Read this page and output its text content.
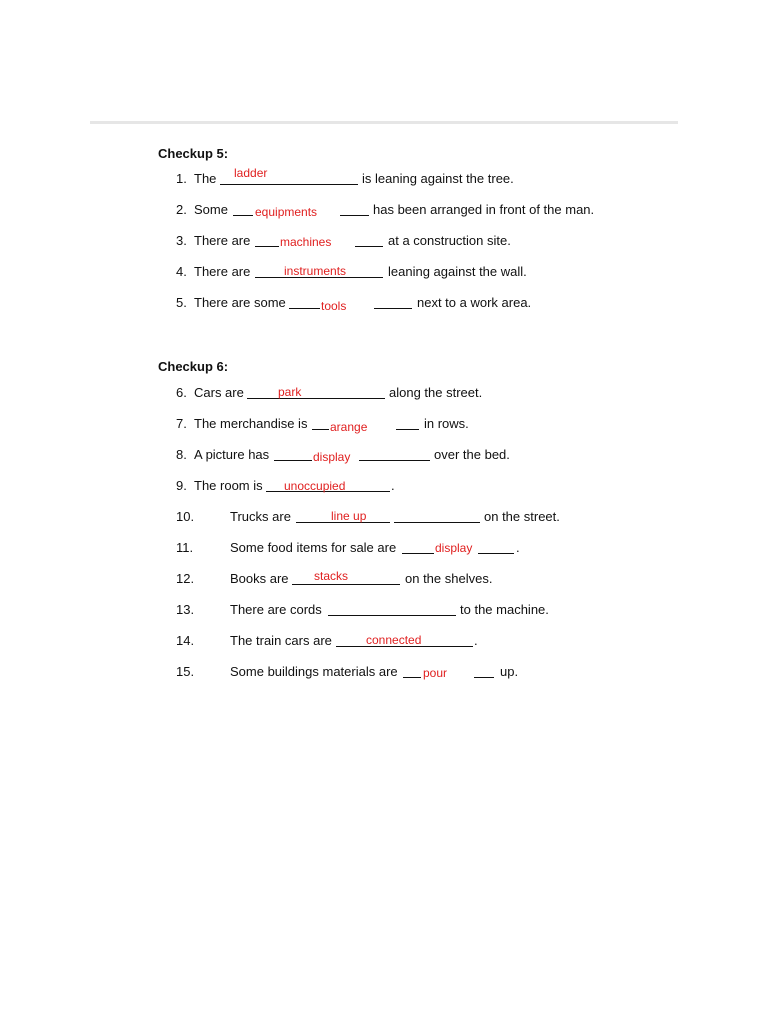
Checkup 5:
1. The ladder	is leaning against the tree.
2. Some equipments	has been arranged in front of the man.
3. There are machines	at a construction site.
4. There are	instruments	leaning against the wall.
5. There are some	tools	next to a work area.
Checkup 6:
6. Cars are	park	along the street.
7. The merchandise is arange	in rows.
8. A picture has	display	over the bed.
9. The room is unoccupied	.
10.	Trucks are	line up	on the street.
11.	Some food items for sale are	display	.
12.	Books are stacks	on the shelves.
13.	There are cords	to the machine.
14.	The train cars are	connected	.
15.	Some buildings materials are pour	up.
